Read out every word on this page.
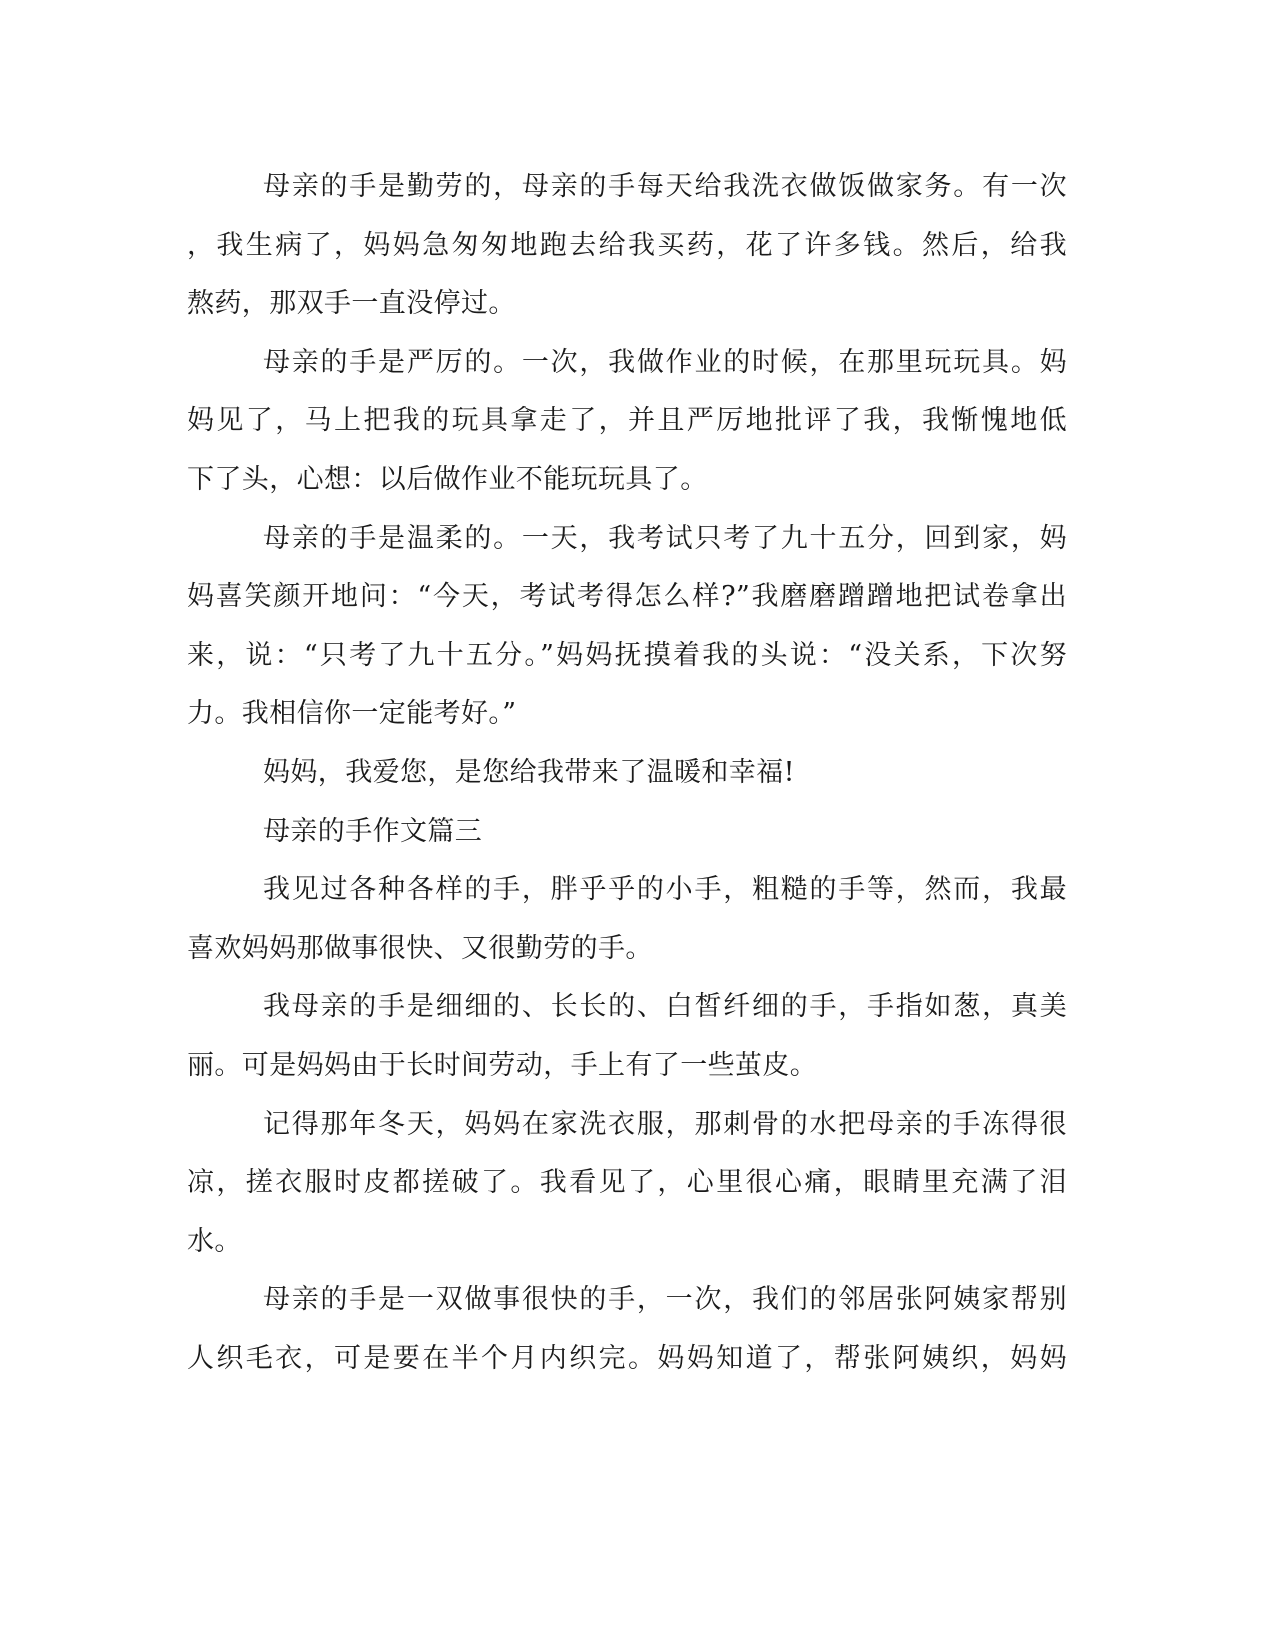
母亲的手是勤劳的，母亲的手每天给我洗衣做饭做家务。有一次
，我生病了，妈妈急匆匆地跑去给我买药，花了许多钱。然后，给我
熬药，那双手一直没停过。
母亲的手是严厉的。一次，我做作业的时候，在那里玩玩具。妈
妈见了，马上把我的玩具拿走了，并且严厉地批评了我，我惭愧地低
下了头，心想：以后做作业不能玩玩具了。
母亲的手是温柔的。一天，我考试只考了九十五分，回到家，妈
妈喜笑颜开地问：“今天，考试考得怎么样?”我磨磨蹭蹭地把试卷拿出
来，说：“只考了九十五分。”妈妈抚摸着我的头说：“没关系，下次努
力。我相信你一定能考好。”
妈妈，我爱您，是您给我带来了温暖和幸福!
母亲的手作文篇三
我见过各种各样的手，胖乎乎的小手，粗糙的手等，然而，我最
喜欢妈妈那做事很快、又很勤劳的手。
我母亲的手是细细的、长长的、白皙纤细的手，手指如葱，真美
丽。可是妈妈由于长时间劳动，手上有了一些茧皮。
记得那年冬天，妈妈在家洗衣服，那刺骨的水把母亲的手冻得很
凉，搓衣服时皮都搓破了。我看见了，心里很心痛，眼睛里充满了泪
水。
母亲的手是一双做事很快的手，一次，我们的邻居张阿姨家帮别
人织毛衣，可是要在半个月内织完。妈妈知道了，帮张阿姨织，妈妈
